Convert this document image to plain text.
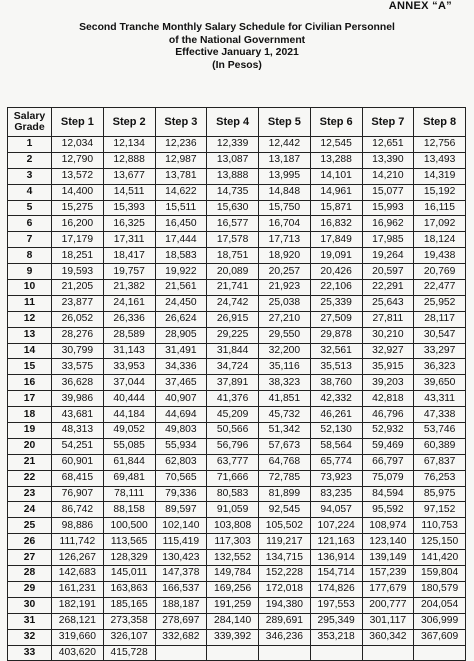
ANNEX “A”
Second Tranche Monthly Salary Schedule for Civilian Personnel
of the National Government
Effective January 1, 2021
(In Pesos)
Salary
Grade	Step 1	Step 2	Step 3	Step 4	Step 5	Step 6	Step 7	Step 8
1	12,034	12,134	12,236	12,339	12,442	12,545	12,651	12,756
2	12,790	12,888	12,987	13,087	13,187	13,288	13,390	13,493
3	13,572	13,677	13,781	13,888	13,995	14,101	14,210	14,319
4	14,400	14,511	14,622	14,735	14,848	14,961	15,077	15,192
5	15,275	15,393	15,511	15,630	15,750	15,871	15,993	16,115
6	16,200	16,325	16,450	16,577	16,704	16,832	16,962	17,092
7	17,179	17,311	17,444	17,578	17,713	17,849	17,985	18,124
8	18,251	18,417	18,583	18,751	18,920	19,091	19,264	19,438
9	19,593	19,757	19,922	20,089	20,257	20,426	20,597	20,769
10	21,205	21,382	21,561	21,741	21,923	22,106	22,291	22,477
11	23,877	24,161	24,450	24,742	25,038	25,339	25,643	25,952
12	26,052	26,336	26,624	26,915	27,210	27,509	27,811	28,117
13	28,276	28,589	28,905	29,225	29,550	29,878	30,210	30,547
14	30,799	31,143	31,491	31,844	32,200	32,561	32,927	33,297
15	33,575	33,953	34,336	34,724	35,116	35,513	35,915	36,323
16	36,628	37,044	37,465	37,891	38,323	38,760	39,203	39,650
17	39,986	40,444	40,907	41,376	41,851	42,332	42,818	43,311
18	43,681	44,184	44,694	45,209	45,732	46,261	46,796	47,338
19	48,313	49,052	49,803	50,566	51,342	52,130	52,932	53,746
20	54,251	55,085	55,934	56,796	57,673	58,564	59,469	60,389
21	60,901	61,844	62,803	63,777	64,768	65,774	66,797	67,837
22	68,415	69,481	70,565	71,666	72,785	73,923	75,079	76,253
23	76,907	78,111	79,336	80,583	81,899	83,235	84,594	85,975
24	86,742	88,158	89,597	91,059	92,545	94,057	95,592	97,152
25	98,886	100,500	102,140	103,808	105,502	107,224	108,974	110,753
26	111,742	113,565	115,419	117,303	119,217	121,163	123,140	125,150
27	126,267	128,329	130,423	132,552	134,715	136,914	139,149	141,420
28	142,683	145,011	147,378	149,784	152,228	154,714	157,239	159,804
29	161,231	163,863	166,537	169,256	172,018	174,826	177,679	180,579
30	182,191	185,165	188,187	191,259	194,380	197,553	200,777	204,054
31	268,121	273,358	278,697	284,140	289,691	295,349	301,117	306,999
32	319,660	326,107	332,682	339,392	346,236	353,218	360,342	367,609
33	403,620	415,728						
